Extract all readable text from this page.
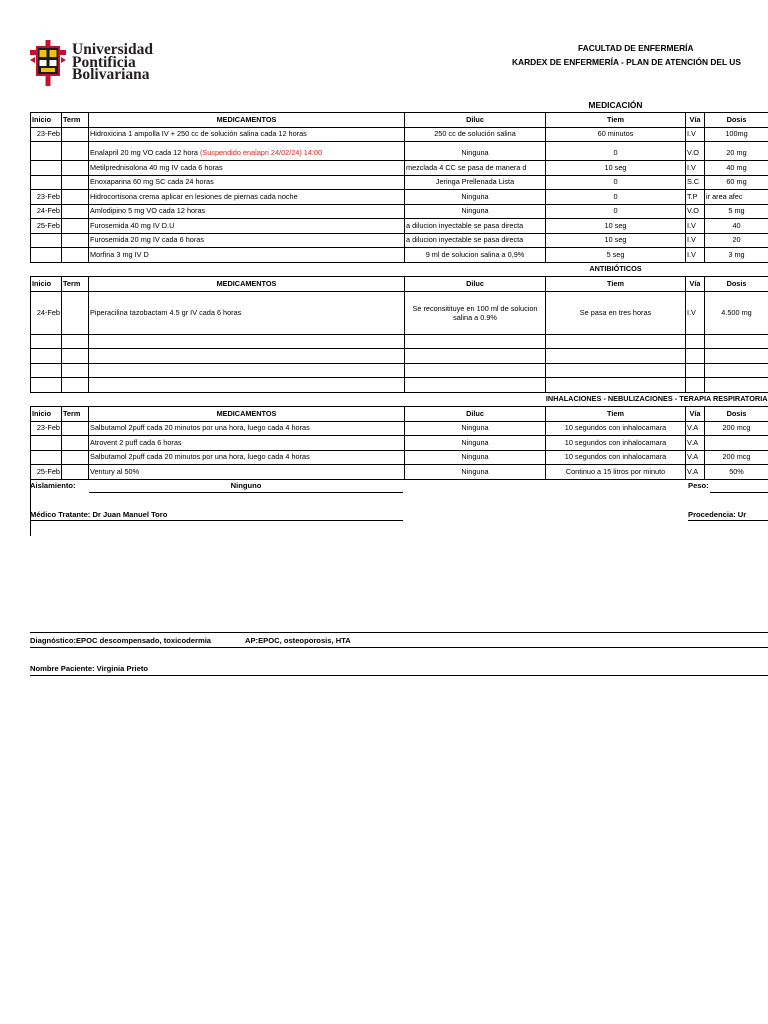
Universidad
Pontificia
Bolivariana
FACULTAD DE ENFERMERÍA
KARDEX DE ENFERMERÍA - PLAN DE ATENCIÓN DEL US
				MEDICACIÓN		
Inicio	Term	MEDICAMENTOS	Diluc	Tiem	Vía	Dosis
23-Feb		Hidroxicina 1 ampolla IV + 250 cc de solución salina cada 12 horas	250 cc de solución salina	60 minutos	I.V	100mg
		Enalapril 20 mg VO cada 12 hora (Suspendido enalapri 24/02/24) 14:00	Ninguna	0	V.O	20 mg
		Metilprednisolona 40 mg IV cada 6 horas	mezclada 4 CC se pasa de manera d	10 seg	I.V	40 mg
		Enoxaparina 60 mg SC cada 24 horas	Jeringa Prellenada Lista	0	S.C	60 mg
23-Feb		Hidrocortisona crema aplicar en lesiones de piernas cada noche	Ninguna	0	T.P	ir area afec
24-Feb		Amlodipino 5 mg VO cada 12 horas	Ninguna	0	V.O	5 mg
25-Feb		Furosemida 40 mg IV D.U	a dilucion inyectable se pasa directa	10 seg	I.V	40
		Furosemida 20 mg IV cada 6 horas	a dilucion inyectable se pasa directa	10 seg	I.V	20
		Morfina 3 mg IV D	9 ml de solucion salina a 0,9%	5 seg	I.V	3 mg
				ANTIBIÓTICOS		
Inicio	Term	MEDICAMENTOS	Diluc	Tiem	Vía	Dosis
24-Feb		Piperacilina tazobactam 4.5 gr IV cada 6 horas	Se reconsitituye en 100 ml de solucion salina a 0.9%	Se pasa en tres horas	I.V	4.500 mg

			INHALACIONES - NEBULIZACIONES - TERAPIA RESPIRATORIA			
Inicio	Term	MEDICAMENTOS	Diluc	Tiem	Vía	Dosis
23-Feb		Salbutamol 2puff cada 20 minutos por una hora, luego cada 4 horas	Ninguna	10 segundos con inhalocamara	V.A	200 mcg
		Atrovent 2 puff cada 6 horas	Ninguna	10 segundos con inhalocamara	V.A	
		Salbutamol 2puff cada 20 minutos por una hora, luego cada 4 horas	Ninguna	10 segundos con inhalocamara	V.A	200 mcg
25-Feb		Ventury al 50%	Ninguna	Continuo a 15 litros por minuto	V.A	50%
Aislamiento:	Ninguno	Peso:
Médico Tratante: Dr Juan Manuel Toro	Procedencia: Ur
Diagnóstico:EPOC descompensado, toxicodermia	AP:EPOC, osteoporosis, HTA
Nombre Paciente: Virginia Prieto
